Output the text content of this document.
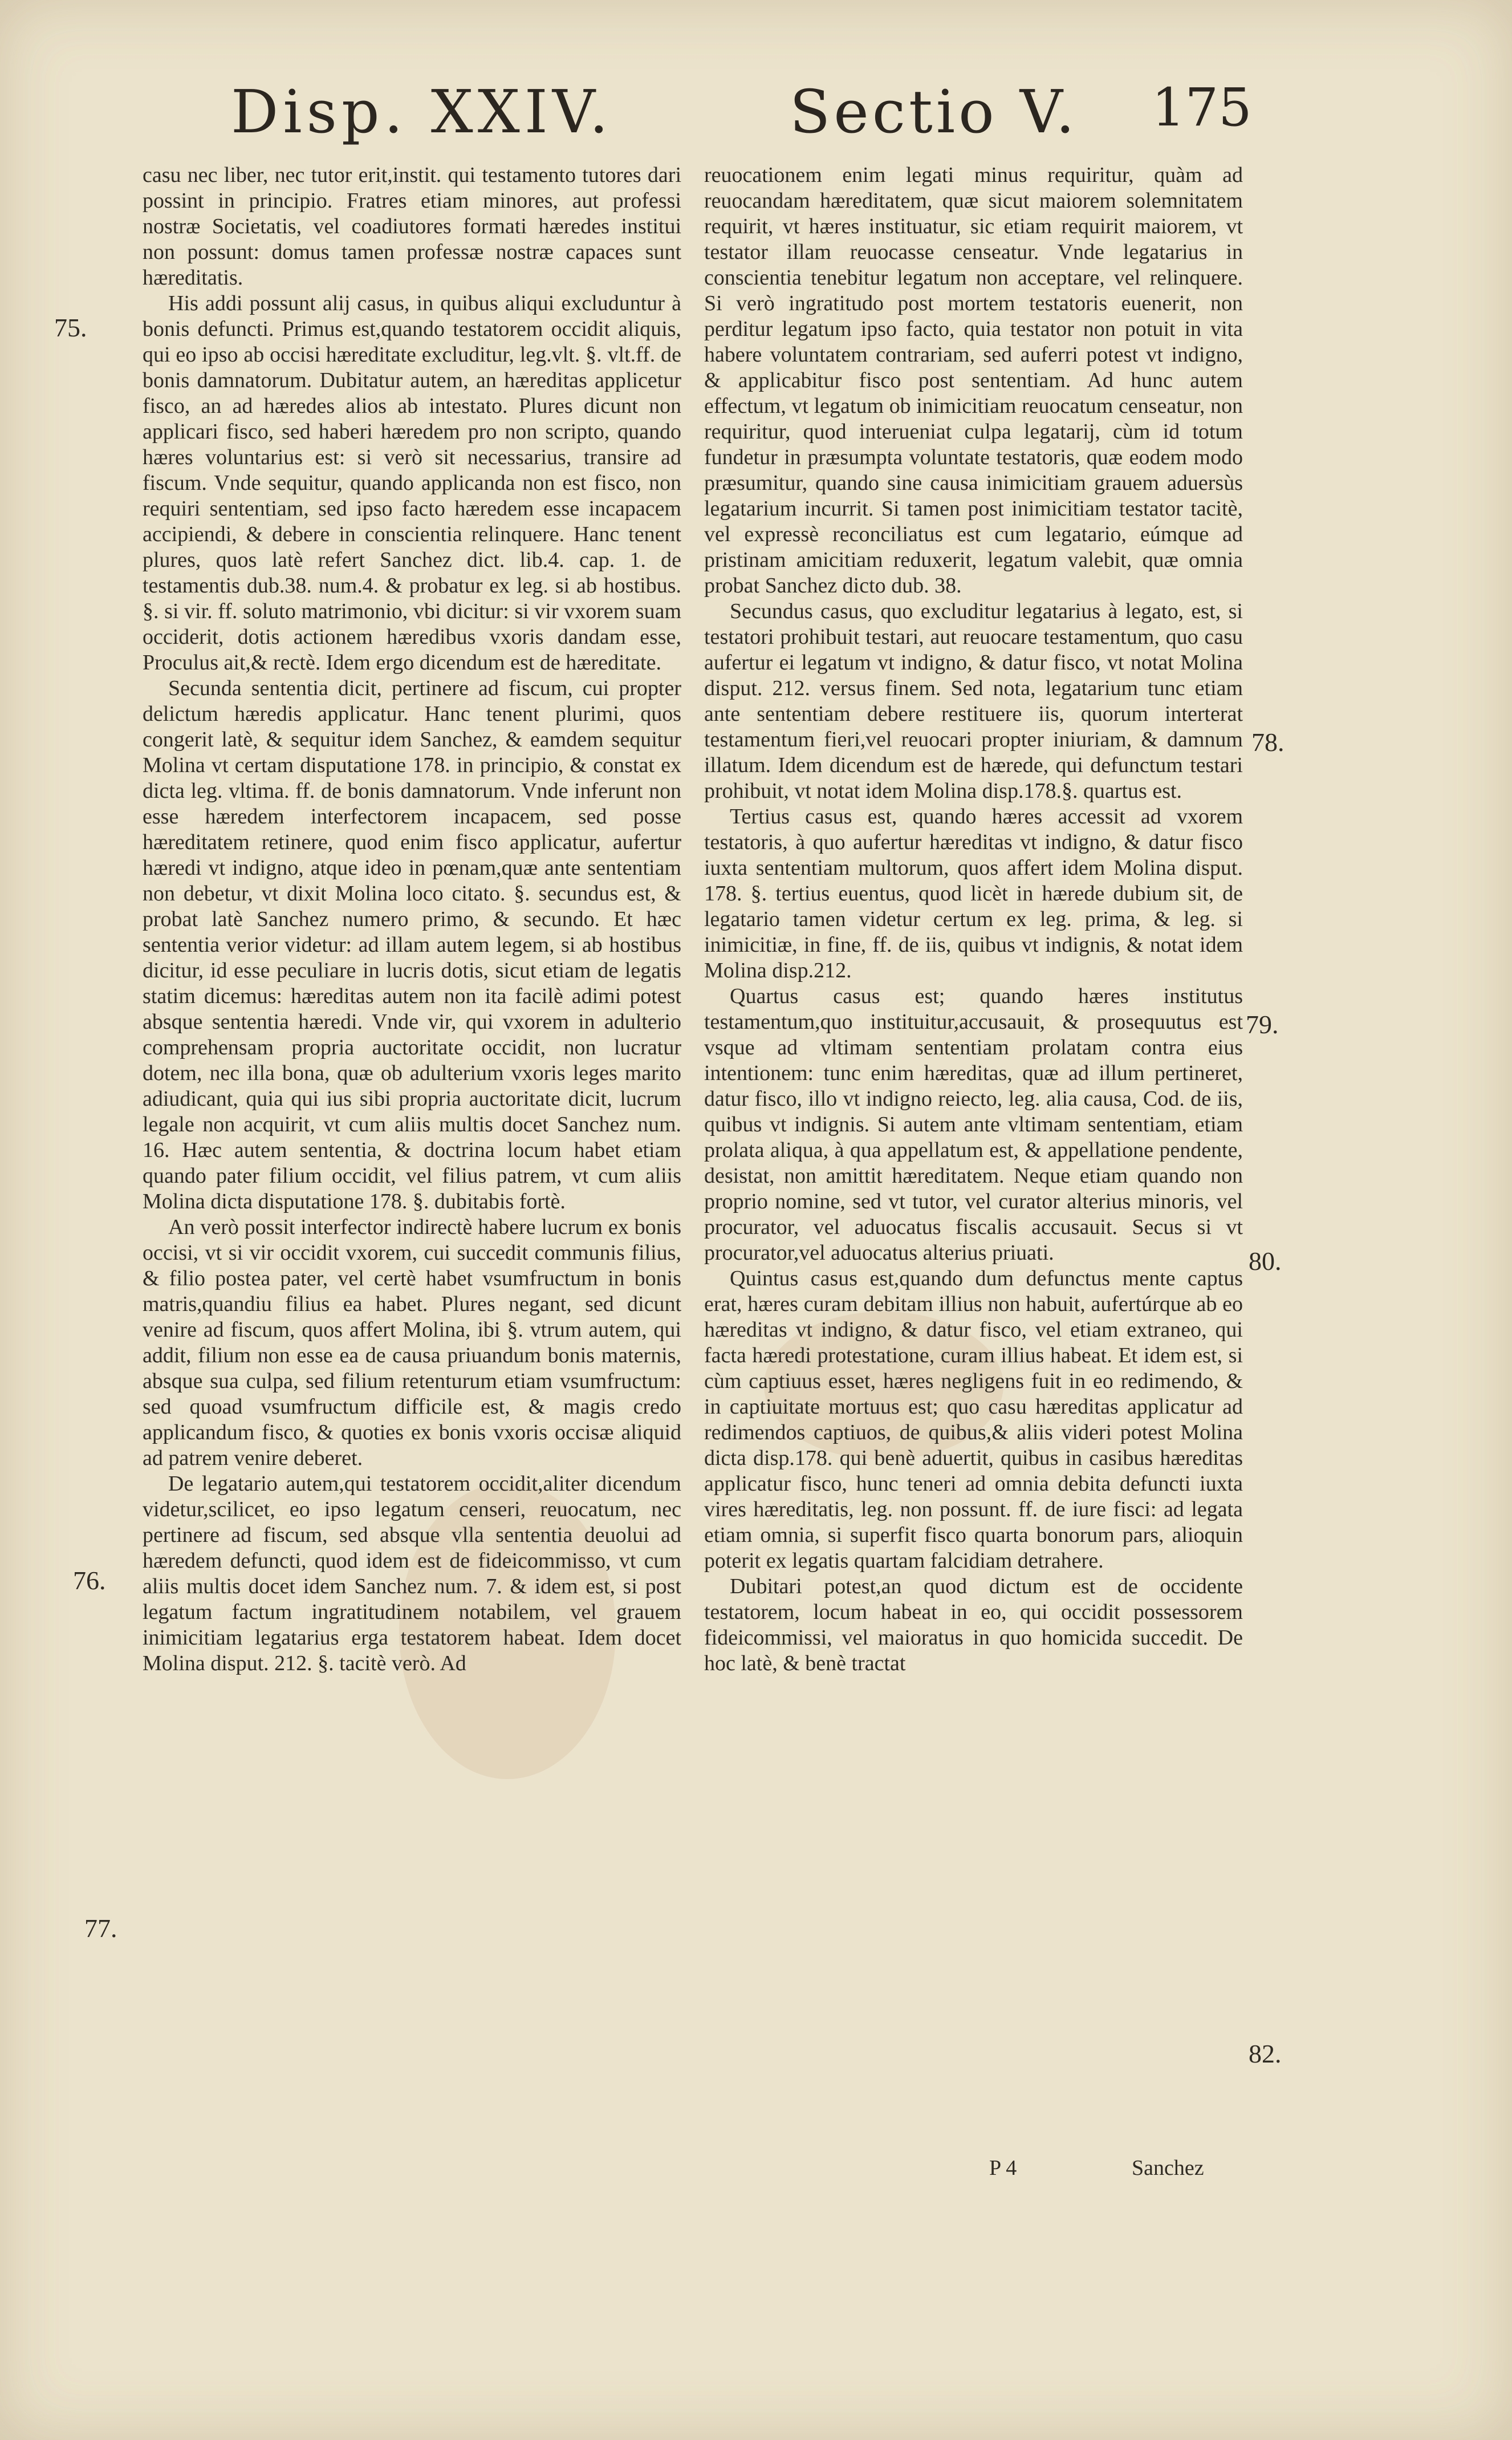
Disp. XXIV.	Sectio V. 175
75.
76.
77.
78.
79.
80.
82.

casu nec liber, nec tutor erit,instit. qui testamento tutores dari possint in principio. Fratres etiam minores, aut professi nostræ Societatis, vel coadiutores formati hæredes institui non possunt: domus tamen professæ nostræ capaces sunt hæreditatis.

His addi possunt alij casus, in quibus aliqui excluduntur à bonis defuncti. Primus est,quando testatorem occidit aliquis, qui eo ipso ab occisi hæreditate excluditur, leg.vlt. §. vlt.ff. de bonis damnatorum. Dubitatur autem, an hæreditas applicetur fisco, an ad hæredes alios ab intestato. Plures dicunt non applicari fisco, sed haberi hæredem pro non scripto, quando hæres voluntarius est: si verò sit necessarius, transire ad fiscum. Vnde sequitur, quando applicanda non est fisco, non requiri sententiam, sed ipso facto hæredem esse incapacem accipiendi, & debere in conscientia relinquere. Hanc tenent plures, quos latè refert Sanchez dict. lib.4. cap. 1. de testamentis dub.38. num.4. & probatur ex leg. si ab hostibus. §. si vir. ff. soluto matrimonio, vbi dicitur: si vir vxorem suam occiderit, dotis actionem hæredibus vxoris dandam esse, Proculus ait,& rectè. Idem ergo dicendum est de hæreditate.

Secunda sententia dicit, pertinere ad fiscum, cui propter delictum hæredis applicatur. Hanc tenent plurimi, quos congerit latè, & sequitur idem Sanchez, & eamdem sequitur Molina vt certam disputatione 178. in principio, & constat ex dicta leg. vltima. ff. de bonis damnatorum. Vnde inferunt non esse hæredem interfectorem incapacem, sed posse hæreditatem retinere, quod enim fisco applicatur, aufertur hæredi vt indigno, atque ideo in pœnam,quæ ante sententiam non debetur, vt dixit Molina loco citato. §. secundus est, & probat latè Sanchez numero primo, & secundo. Et hæc sententia verior videtur: ad illam autem legem, si ab hostibus dicitur, id esse peculiare in lucris dotis, sicut etiam de legatis statim dicemus: hæreditas autem non ita facilè adimi potest absque sententia hæredi. Vnde vir, qui vxorem in adulterio comprehensam propria auctoritate occidit, non lucratur dotem, nec illa bona, quæ ob adulterium vxoris leges marito adiudicant, quia qui ius sibi propria auctoritate dicit, lucrum legale non acquirit, vt cum aliis multis docet Sanchez num. 16. Hæc autem sententia, & doctrina locum habet etiam quando pater filium occidit, vel filius patrem, vt cum aliis Molina dicta disputatione 178. §. dubitabis fortè.

An verò possit interfector indirectè habere lucrum ex bonis occisi, vt si vir occidit vxorem, cui succedit communis filius, & filio postea pater, vel certè habet vsumfructum in bonis matris,quandiu filius ea habet. Plures negant, sed dicunt venire ad fiscum, quos affert Molina, ibi §. vtrum autem, qui addit, filium non esse ea de causa priuandum bonis maternis, absque sua culpa, sed filium retenturum etiam vsumfructum: sed quoad vsumfructum difficile est, & magis credo applicandum fisco, & quoties ex bonis vxoris occisæ aliquid ad patrem venire deberet.

De legatario autem,qui testatorem occidit,aliter dicendum videtur,scilicet, eo ipso legatum censeri, reuocatum, nec pertinere ad fiscum, sed absque vlla sententia deuolui ad hæredem defuncti, quod idem est de fideicommisso, vt cum aliis multis docet idem Sanchez num. 7. & idem est, si post legatum factum ingratitudinem notabilem, vel grauem inimicitiam legatarius erga testatorem habeat. Idem docet Molina disput. 212. §. tacitè verò. Ad

reuocationem enim legati minus requiritur, quàm ad reuocandam hæreditatem, quæ sicut maiorem solemnitatem requirit, vt hæres instituatur, sic etiam requirit maiorem, vt testator illam reuocasse censeatur. Vnde legatarius in conscientia tenebitur legatum non acceptare, vel relinquere. Si verò ingratitudo post mortem testatoris euenerit, non perditur legatum ipso facto, quia testator non potuit in vita habere voluntatem contrariam, sed auferri potest vt indigno, & applicabitur fisco post sententiam. Ad hunc autem effectum, vt legatum ob inimicitiam reuocatum censeatur, non requiritur, quod interueniat culpa legatarij, cùm id totum fundetur in præsumpta voluntate testatoris, quæ eodem modo præsumitur, quando sine causa inimicitiam grauem aduersùs legatarium incurrit. Si tamen post inimicitiam testator tacitè, vel expressè reconciliatus est cum legatario, eúmque ad pristinam amicitiam reduxerit, legatum valebit, quæ omnia probat Sanchez dicto dub. 38.

Secundus casus, quo excluditur legatarius à legato, est, si testatori prohibuit testari, aut reuocare testamentum, quo casu aufertur ei legatum vt indigno, & datur fisco, vt notat Molina disput. 212. versus finem. Sed nota, legatarium tunc etiam ante sententiam debere restituere iis, quorum interterat testamentum fieri,vel reuocari propter iniuriam, & damnum illatum. Idem dicendum est de hærede, qui defunctum testari prohibuit, vt notat idem Molina disp.178.§. quartus est.

Tertius casus est, quando hæres accessit ad vxorem testatoris, à quo aufertur hæreditas vt indigno, & datur fisco iuxta sententiam multorum, quos affert idem Molina disput. 178. §. tertius euentus, quod licèt in hærede dubium sit, de legatario tamen videtur certum ex leg. prima, & leg. si inimicitiæ, in fine, ff. de iis, quibus vt indignis, & notat idem Molina disp.212.

Quartus casus est; quando hæres institutus testamentum,quo instituitur,accusauit, & prosequutus est vsque ad vltimam sententiam prolatam contra eius intentionem: tunc enim hæreditas, quæ ad illum pertineret, datur fisco, illo vt indigno reiecto, leg. alia causa, Cod. de iis, quibus vt indignis. Si autem ante vltimam sententiam, etiam prolata aliqua, à qua appellatum est, & appellatione pendente, desistat, non amittit hæreditatem. Neque etiam quando non proprio nomine, sed vt tutor, vel curator alterius minoris, vel procurator, vel aduocatus fiscalis accusauit. Secus si vt procurator,vel aduocatus alterius priuati.

Quintus casus est,quando dum defunctus mente captus erat, hæres curam debitam illius non habuit, aufertúrque ab eo hæreditas vt indigno, & datur fisco, vel etiam extraneo, qui facta hæredi protestatione, curam illius habeat. Et idem est, si cùm captiuus esset, hæres negligens fuit in eo redimendo, & in captiuitate mortuus est; quo casu hæreditas applicatur ad redimendos captiuos, de quibus,& aliis videri potest Molina dicta disp.178. qui benè aduertit, quibus in casibus hæreditas applicatur fisco, hunc teneri ad omnia debita defuncti iuxta vires hæreditatis, leg. non possunt. ff. de iure fisci: ad legata etiam omnia, si superfit fisco quarta bonorum pars, alioquin poterit ex legatis quartam falcidiam detrahere.

Dubitari potest,an quod dictum est de occidente testatorem, locum habeat in eo, qui occidit possessorem fideicommissi, vel maioratus in quo homicida succedit. De hoc latè, & benè tractat

P 4	Sanchez
